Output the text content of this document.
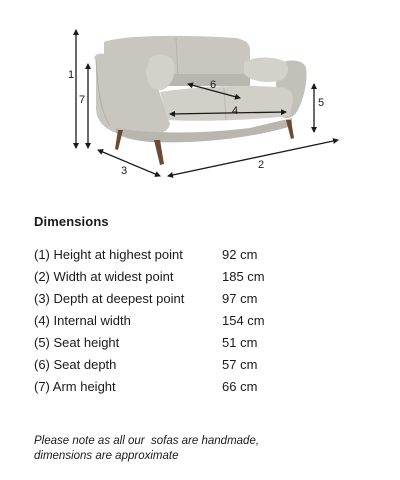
1
7
6
4
5
3	2
Dimensions
(1) Height at highest point	92 cm
(2) Width at widest point	185 cm
(3) Depth at deepest point	97 cm
(4) Internal width	154 cm
(5) Seat height	51 cm
(6) Seat depth	57 cm
(7) Arm height	66 cm
Please note as all our  sofas are handmade,
dimensions are approximate
